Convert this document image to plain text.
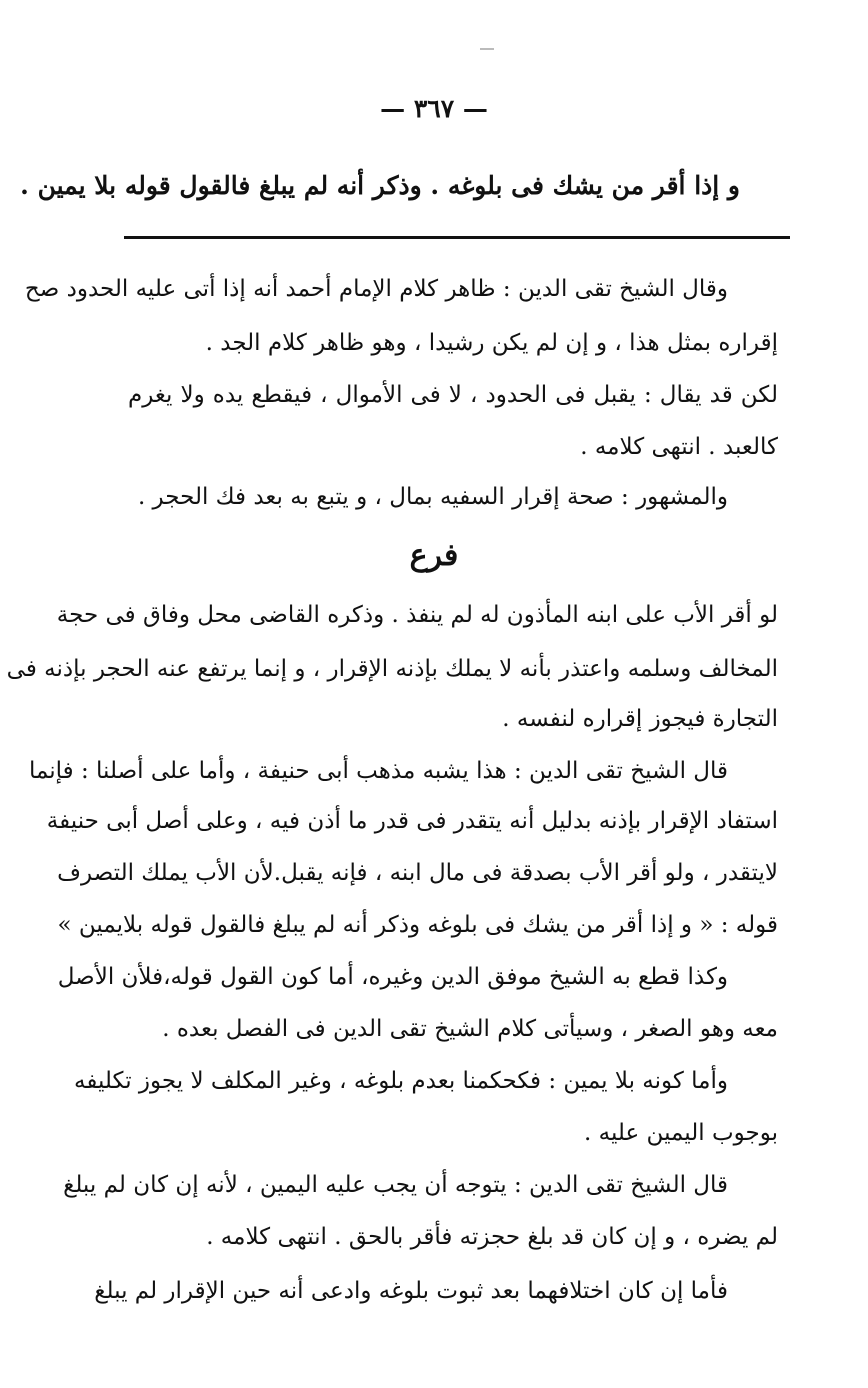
— ٣٦٧ —
و إذا أقر من يشك فى بلوغه . وذكر أنه لم يبلغ فالقول قوله بلا يمين .
وقال الشيخ تقى الدين : ظاهر كلام الإمام أحمد أنه إذا أتى عليه الحدود صح
إقراره بمثل هذا ، و إن لم يكن رشيدا ، وهو ظاهر كلام الجد .
لكن قد يقال : يقبل فى الحدود ، لا فى الأموال ، فيقطع يده ولا يغرم
كالعبد . انتهى كلامه .
والمشهور : صحة إقرار السفيه بمال ، و يتبع به بعد فك الحجر .
فرع
لو أقر الأب على ابنه المأذون له لم ينفذ . وذكره القاضى محل وفاق فى حجة
المخالف وسلمه واعتذر بأنه لا يملك بإذنه الإقرار ، و إنما يرتفع عنه الحجر بإذنه فى
التجارة فيجوز إقراره لنفسه .
قال الشيخ تقى الدين : هذا يشبه مذهب أبى حنيفة ، وأما على أصلنا : فإنما
استفاد الإقرار بإذنه بدليل أنه يتقدر فى قدر ما أذن فيه ، وعلى أصل أبى حنيفة
لايتقدر ، ولو أقر الأب بصدقة فى مال ابنه ، فإنه يقبل.لأن الأب يملك التصرف
قوله : « و إذا أقر من يشك فى بلوغه وذكر أنه لم يبلغ فالقول قوله بلايمين »
وكذا قطع به الشيخ موفق الدين وغيره، أما كون القول قوله،فلأن الأصل
معه وهو الصغر ، وسيأتى كلام الشيخ تقى الدين فى الفصل بعده .
وأما كونه بلا يمين : فكحكمنا بعدم بلوغه ، وغير المكلف لا يجوز تكليفه
بوجوب اليمين عليه .
قال الشيخ تقى الدين : يتوجه أن يجب عليه اليمين ، لأنه إن كان لم يبلغ
لم يضره ، و إن كان قد بلغ حجزته فأقر بالحق . انتهى كلامه .
فأما إن كان اختلافهما بعد ثبوت بلوغه وادعى أنه حين الإقرار لم يبلغ
